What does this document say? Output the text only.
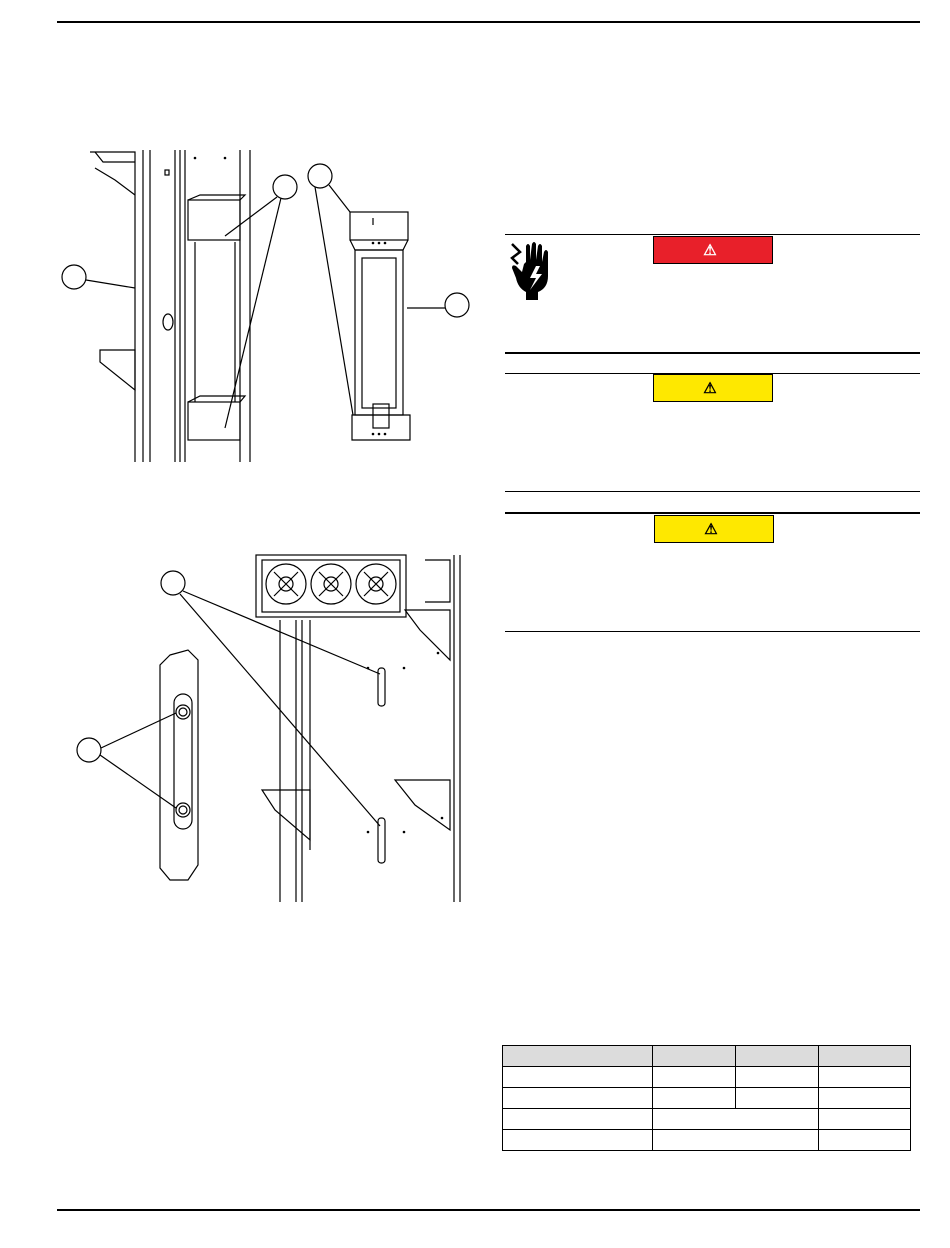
⚠
⚠
⚠
